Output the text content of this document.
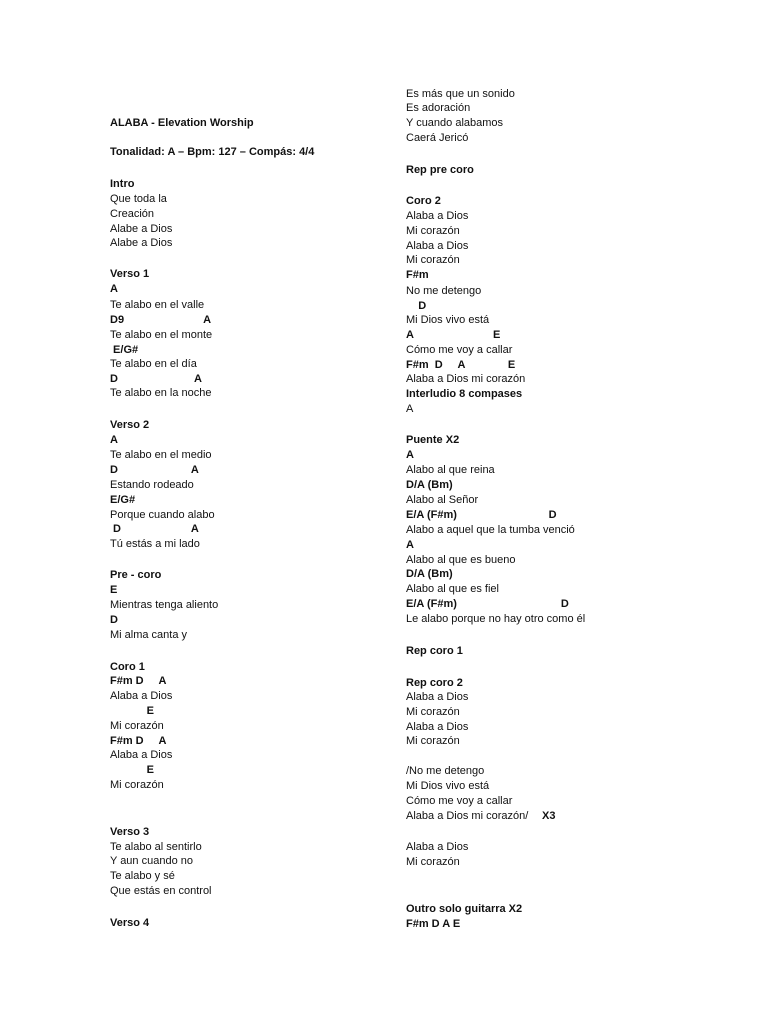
ALABA - Elevation Worship
Tonalidad: A – Bpm: 127 – Compás: 4/4
Intro
Que toda la
Creación
Alabe a Dios
Alabe a Dios
Verso 1
A
Te alabo en el valle
D9                          A
Te alabo en el monte
E/G#
Te alabo en el día
D                         A
Te alabo en la noche
Verso 2
A
Te alabo en el medio
D                        A
Estando rodeado
E/G#
Porque cuando alabo
D                       A
Tú estás a mi lado
Pre - coro
E
Mientras tenga aliento
D
Mi alma canta y
Coro 1
F#m D     A
Alaba a Dios
E
Mi corazón
F#m D     A
Alaba a Dios
E
Mi corazón
Verso 3
Te alabo al sentirlo
Y aun cuando no
Te alabo y sé
Que estás en control
Verso 4
Es más que un sonido
Es adoración
Y cuando alabamos
Caerá Jericó
Rep pre coro
Coro 2
Alaba a Dios
Mi corazón
Alaba a Dios
Mi corazón
F#m
No me detengo
D
Mi Dios vivo está
A                          E
Cómo me voy a callar
F#m  D     A              E
Alaba a Dios mi corazón
Interludio 8 compases
A
Puente X2
A
Alabo al que reina
D/A (Bm)
Alabo al Señor
E/A (F#m)                              D
Alabo a aquel que la tumba venció
A
Alabo al que es bueno
D/A (Bm)
Alabo al que es fiel
E/A (F#m)                                  D
Le alabo porque no hay otro como él
Rep coro 1
Rep coro 2
Alaba a Dios
Mi corazón
Alaba a Dios
Mi corazón
/No me detengo
Mi Dios vivo está
Cómo me voy a callar
Alaba a Dios mi corazón/
Alaba a Dios
Mi corazón
Outro solo guitarra X2
F#m D A E
X3
